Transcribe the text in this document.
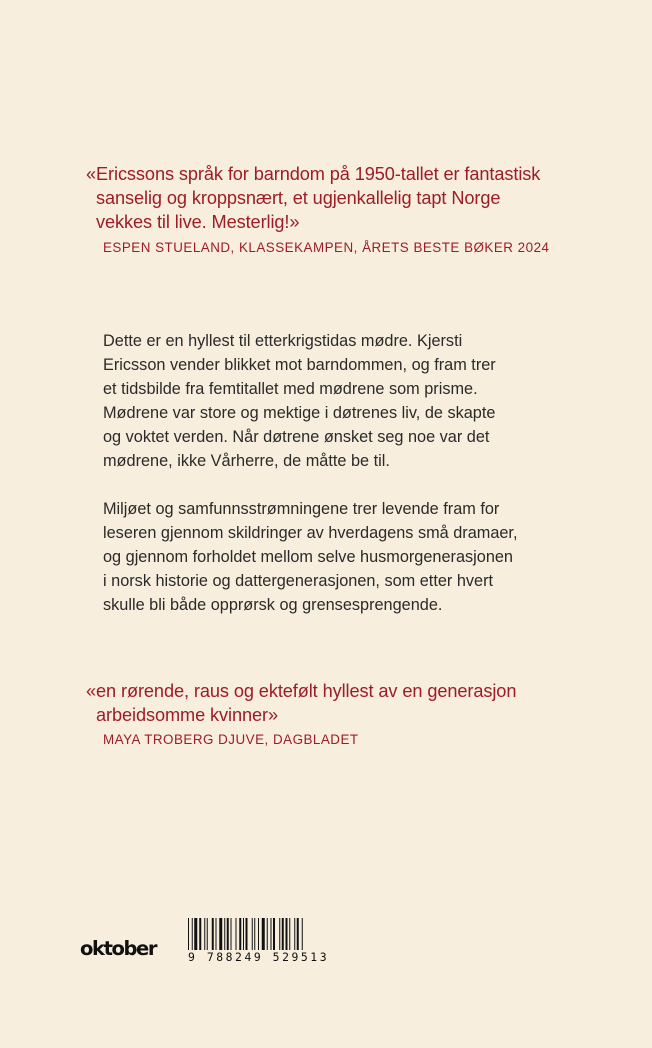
«Ericssons språk for barndom på 1950-tallet er fantastisk
sanselig og kroppsnært, et ugjenkallelig tapt Norge
vekkes til live. Mesterlig!»
ESPEN STUELAND, KLASSEKAMPEN, ÅRETS BESTE BØKER 2024
Dette er en hyllest til etterkrigstidas mødre. Kjersti
Ericsson vender blikket mot barndommen, og fram trer
et tidsbilde fra femtitallet med mødrene som prisme.
Mødrene var store og mektige i døtrenes liv, de skapte
og voktet verden. Når døtrene ønsket seg noe var det
mødrene, ikke Vårherre, de måtte be til.
Miljøet og samfunnsstrømningene trer levende fram for
leseren gjennom skildringer av hverdagens små dramaer,
og gjennom forholdet mellom selve husmorgenerasjonen
i norsk historie og dattergenerasjonen, som etter hvert
skulle bli både opprørsk og grensesprengende.
«en rørende, raus og ektefølt hyllest av en generasjon
arbeidsomme kvinner»
MAYA TROBERG DJUVE, DAGBLADET
oktober	9 788249 529513
